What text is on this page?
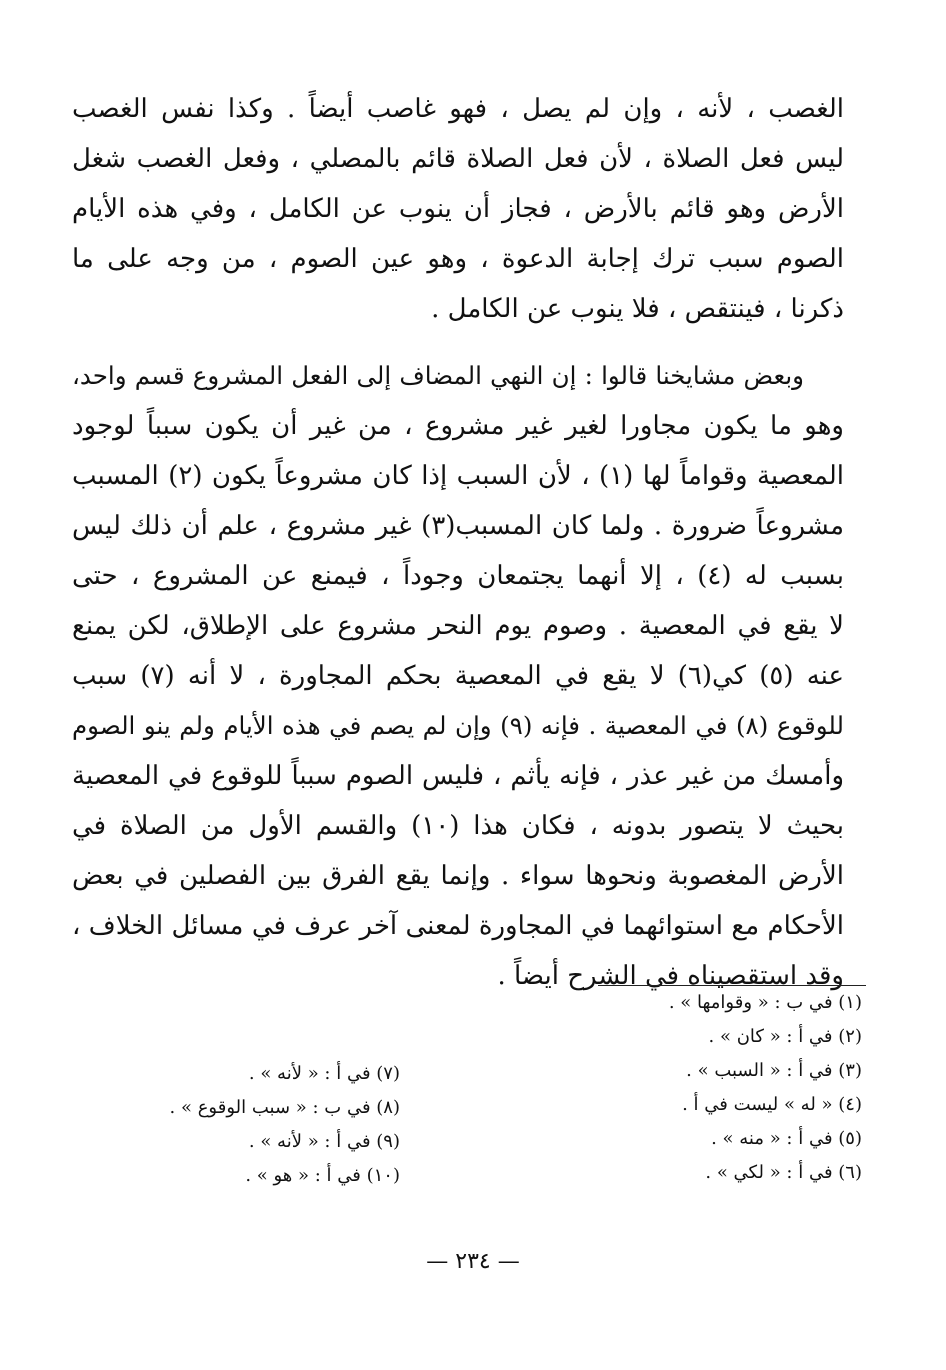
الغصب ، لأنه ، وإن لم يصل ، فهو غاصب أيضاً . وكذا نفس الغصب
ليس فعل الصلاة ، لأن فعل الصلاة قائم بالمصلي ، وفعل الغصب شغل
الأرض وهو قائم بالأرض ، فجاز أن ينوب عن الكامل ، وفي هذه الأيام
الصوم سبب ترك إجابة الدعوة ، وهو عين الصوم ، من وجه على ما
ذكرنا ، فينتقص ، فلا ينوب عن الكامل .
وبعض مشايخنا قالوا : إن النهي المضاف إلى الفعل المشروع قسم واحد،
وهو ما يكون مجاورا لغير غير مشروع ، من غير أن يكون سبباً لوجود
المعصية وقواماً لها (١) ، لأن السبب إذا كان مشروعاً يكون (٢) المسبب
مشروعاً ضرورة . ولما كان المسبب(٣) غير مشروع ، علم أن ذلك ليس
بسبب له (٤) ، إلا أنهما يجتمعان وجوداً ، فيمنع عن المشروع ، حتى
لا يقع في المعصية . وصوم يوم النحر مشروع على الإطلاق، لكن يمنع
عنه (٥) كي(٦) لا يقع في المعصية بحكم المجاورة ، لا أنه (٧) سبب
للوقوع (٨) في المعصية . فإنه (٩) وإن لم يصم في هذه الأيام ولم ينو الصوم
وأمسك من غير عذر ، فإنه يأثم ، فليس الصوم سبباً للوقوع في المعصية
بحيث لا يتصور بدونه ، فكان هذا (١٠) والقسم الأول من الصلاة في
الأرض المغصوبة ونحوها سواء . وإنما يقع الفرق بين الفصلين في بعض
الأحكام مع استوائهما في المجاورة لمعنى آخر عرف في مسائل الخلاف ،
وقد استقصيناه في الشرح أيضاً .
(١) في ب : « وقوامها » .
(٢) في أ : « كان » .
(٣) في أ : « السبب » .
(٤) « له » ليست في أ .
(٥) في أ : « منه » .
(٦) في أ : « لكي » .
(٧) في أ : « لأنه » .
(٨) في ب : « سبب الوقوع » .
(٩) في أ : « لأنه » .
(١٠) في أ : « هو » .
— ٢٣٤ —
